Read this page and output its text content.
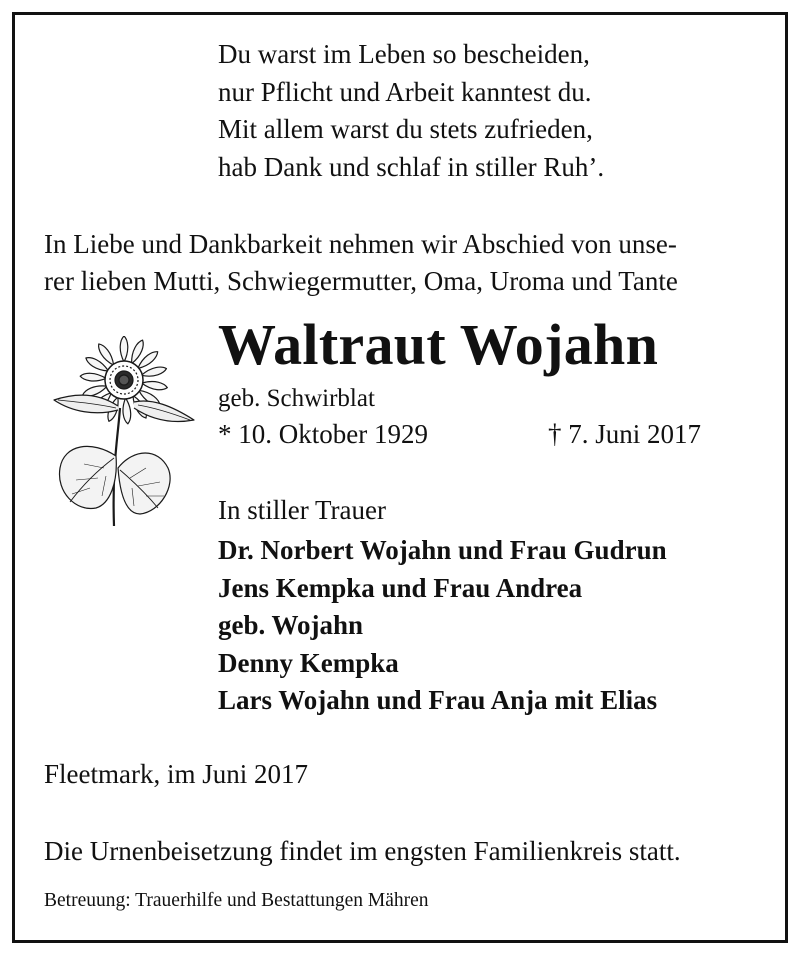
Du warst im Leben so bescheiden,
nur Pflicht und Arbeit kanntest du.
Mit allem warst du stets zufrieden,
hab Dank und schlaf in stiller Ruh’.
In Liebe und Dankbarkeit nehmen wir Abschied von unse-
rer lieben Mutti, Schwiegermutter, Oma, Uroma und Tante
Waltraut Wojahn
geb. Schwirblat
* 10. Oktober 1929	† 7. Juni 2017
In stiller Trauer
Dr. Norbert Wojahn und Frau Gudrun
Jens Kempka und Frau Andrea
geb. Wojahn
Denny Kempka
Lars Wojahn und Frau Anja mit Elias
Fleetmark, im Juni 2017
Die Urnenbeisetzung findet im engsten Familienkreis statt.
Betreuung: Trauerhilfe und Bestattungen Mähren
